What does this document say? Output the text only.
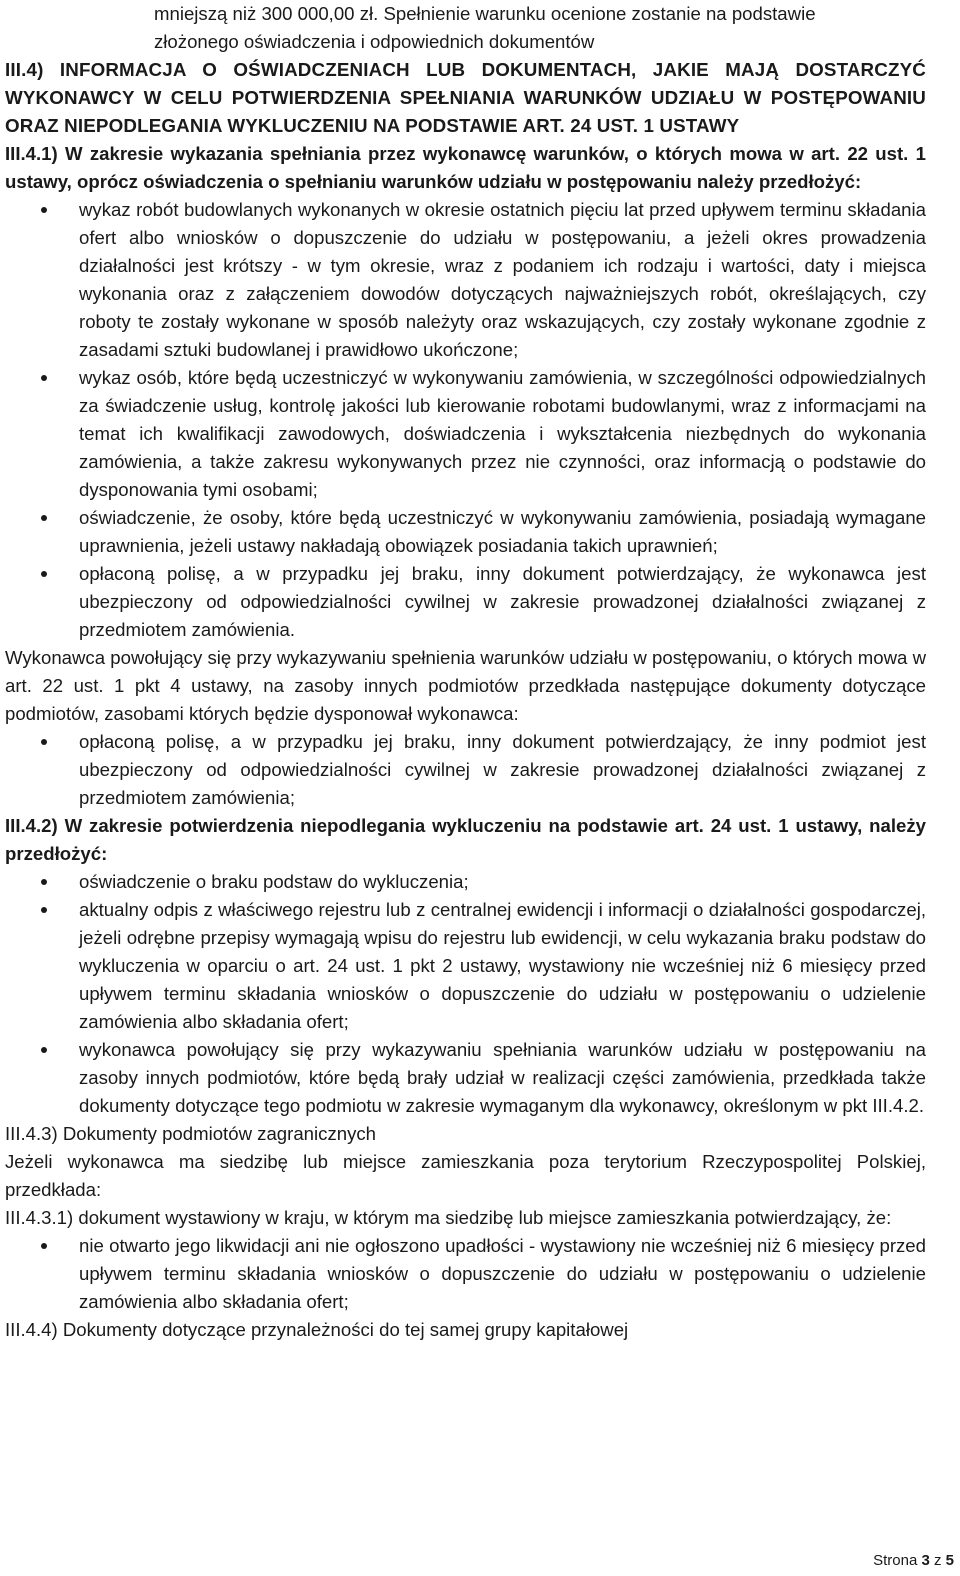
mniejszą niż 300 000,00 zł. Spełnienie warunku ocenione zostanie na podstawie

złożonego oświadczenia i odpowiednich dokumentów

III.4) INFORMACJA O OŚWIADCZENIACH LUB DOKUMENTACH, JAKIE MAJĄ DOSTARCZYĆ WYKONAWCY W CELU POTWIERDZENIA SPEŁNIANIA WARUNKÓW UDZIAŁU W POSTĘPOWANIU ORAZ NIEPODLEGANIA WYKLUCZENIU NA PODSTAWIE ART. 24 UST. 1 USTAWY

III.4.1) W zakresie wykazania spełniania przez wykonawcę warunków, o których mowa w art. 22 ust. 1 ustawy, oprócz oświadczenia o spełnianiu warunków udziału w postępowaniu należy przedłożyć:

wykaz robót budowlanych wykonanych w okresie ostatnich pięciu lat przed upływem terminu składania ofert albo wniosków o dopuszczenie do udziału w postępowaniu, a jeżeli okres prowadzenia działalności jest krótszy - w tym okresie, wraz z podaniem ich rodzaju i wartości, daty i miejsca wykonania oraz z załączeniem dowodów dotyczących najważniejszych robót, określających, czy roboty te zostały wykonane w sposób należyty oraz wskazujących, czy zostały wykonane zgodnie z zasadami sztuki budowlanej i prawidłowo ukończone;
wykaz osób, które będą uczestniczyć w wykonywaniu zamówienia, w szczególności odpowiedzialnych za świadczenie usług, kontrolę jakości lub kierowanie robotami budowlanymi, wraz z informacjami na temat ich kwalifikacji zawodowych, doświadczenia i wykształcenia niezbędnych do wykonania zamówienia, a także zakresu wykonywanych przez nie czynności, oraz informacją o podstawie do dysponowania tymi osobami;
oświadczenie, że osoby, które będą uczestniczyć w wykonywaniu zamówienia, posiadają wymagane uprawnienia, jeżeli ustawy nakładają obowiązek posiadania takich uprawnień;
opłaconą polisę, a w przypadku jej braku, inny dokument potwierdzający, że wykonawca jest ubezpieczony od odpowiedzialności cywilnej w zakresie prowadzonej działalności związanej z przedmiotem zamówienia.

Wykonawca powołujący się przy wykazywaniu spełnienia warunków udziału w postępowaniu, o których mowa w art. 22 ust. 1 pkt 4 ustawy, na zasoby innych podmiotów przedkłada następujące dokumenty dotyczące podmiotów, zasobami których będzie dysponował wykonawca:

opłaconą polisę, a w przypadku jej braku, inny dokument potwierdzający, że inny podmiot jest ubezpieczony od odpowiedzialności cywilnej w zakresie prowadzonej działalności związanej z przedmiotem zamówienia;

III.4.2) W zakresie potwierdzenia niepodlegania wykluczeniu na podstawie art. 24 ust. 1 ustawy, należy przedłożyć:

oświadczenie o braku podstaw do wykluczenia;
aktualny odpis z właściwego rejestru lub z centralnej ewidencji i informacji o działalności gospodarczej, jeżeli odrębne przepisy wymagają wpisu do rejestru lub ewidencji, w celu wykazania braku podstaw do wykluczenia w oparciu o art. 24 ust. 1 pkt 2 ustawy, wystawiony nie wcześniej niż 6 miesięcy przed upływem terminu składania wniosków o dopuszczenie do udziału w postępowaniu o udzielenie zamówienia albo składania ofert;
wykonawca powołujący się przy wykazywaniu spełniania warunków udziału w postępowaniu na zasoby innych podmiotów, które będą brały udział w realizacji części zamówienia, przedkłada także dokumenty dotyczące tego podmiotu w zakresie wymaganym dla wykonawcy, określonym w pkt III.4.2.

III.4.3) Dokumenty podmiotów zagranicznych

Jeżeli wykonawca ma siedzibę lub miejsce zamieszkania poza terytorium Rzeczypospolitej Polskiej, przedkłada:

III.4.3.1) dokument wystawiony w kraju, w którym ma siedzibę lub miejsce zamieszkania potwierdzający, że:

nie otwarto jego likwidacji ani nie ogłoszono upadłości - wystawiony nie wcześniej niż 6 miesięcy przed upływem terminu składania wniosków o dopuszczenie do udziału w postępowaniu o udzielenie zamówienia albo składania ofert;

III.4.4) Dokumenty dotyczące przynależności do tej samej grupy kapitałowej

Strona 3 z 5
